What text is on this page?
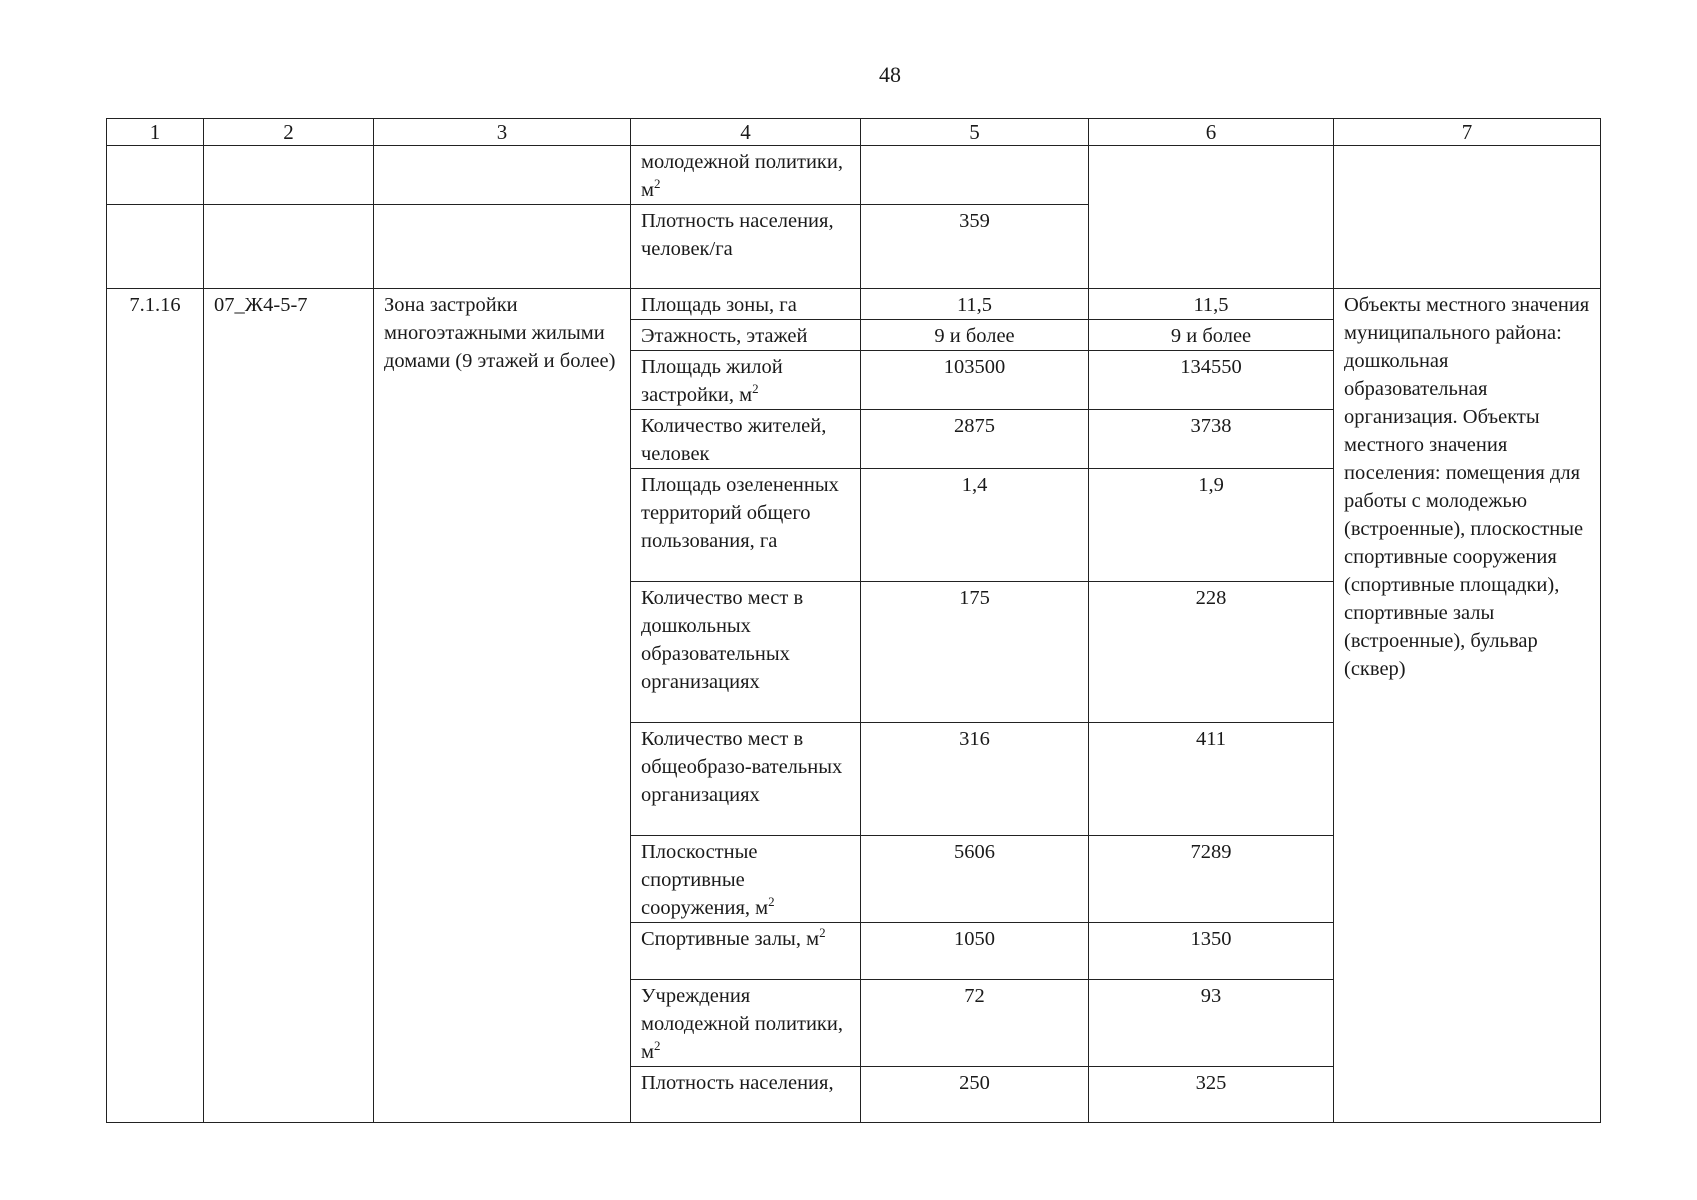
48
1	2	3	4	5	6	7
			молодежной политики, $м^2$			
			Плотность населения, человек/га	359		
7.1.16	07_Ж4-5-7	Зона застройки многоэтажными жилыми домами (9 этажей и более)	Площадь зоны, га	11,5	11,5	Объекты местного значения муниципального района: дошкольная образовательная организация. Объекты местного значения поселения: помещения для работы с молодежью (встроенные), плоскостные спортивные сооружения (спортивные площадки), спортивные залы (встроенные), бульвар (сквер)
			Этажность, этажей	9 и более	9 и более	
			Площадь жилой застройки, $м^2$	103500	134550	
			Количество жителей, человек	2875	3738	
			Площадь озелененных территорий общего пользования, га	1,4	1,9	
			Количество мест в дошкольных образовательных организациях	175	228	
			Количество мест в общеобразо-вательных организациях	316	411	
			Плоскостные спортивные сооружения, $м^2$	5606	7289	
			Спортивные залы, $м^2$	1050	1350	
			Учреждения молодежной политики, $м^2$	72	93	
			Плотность населения,	250	325	
